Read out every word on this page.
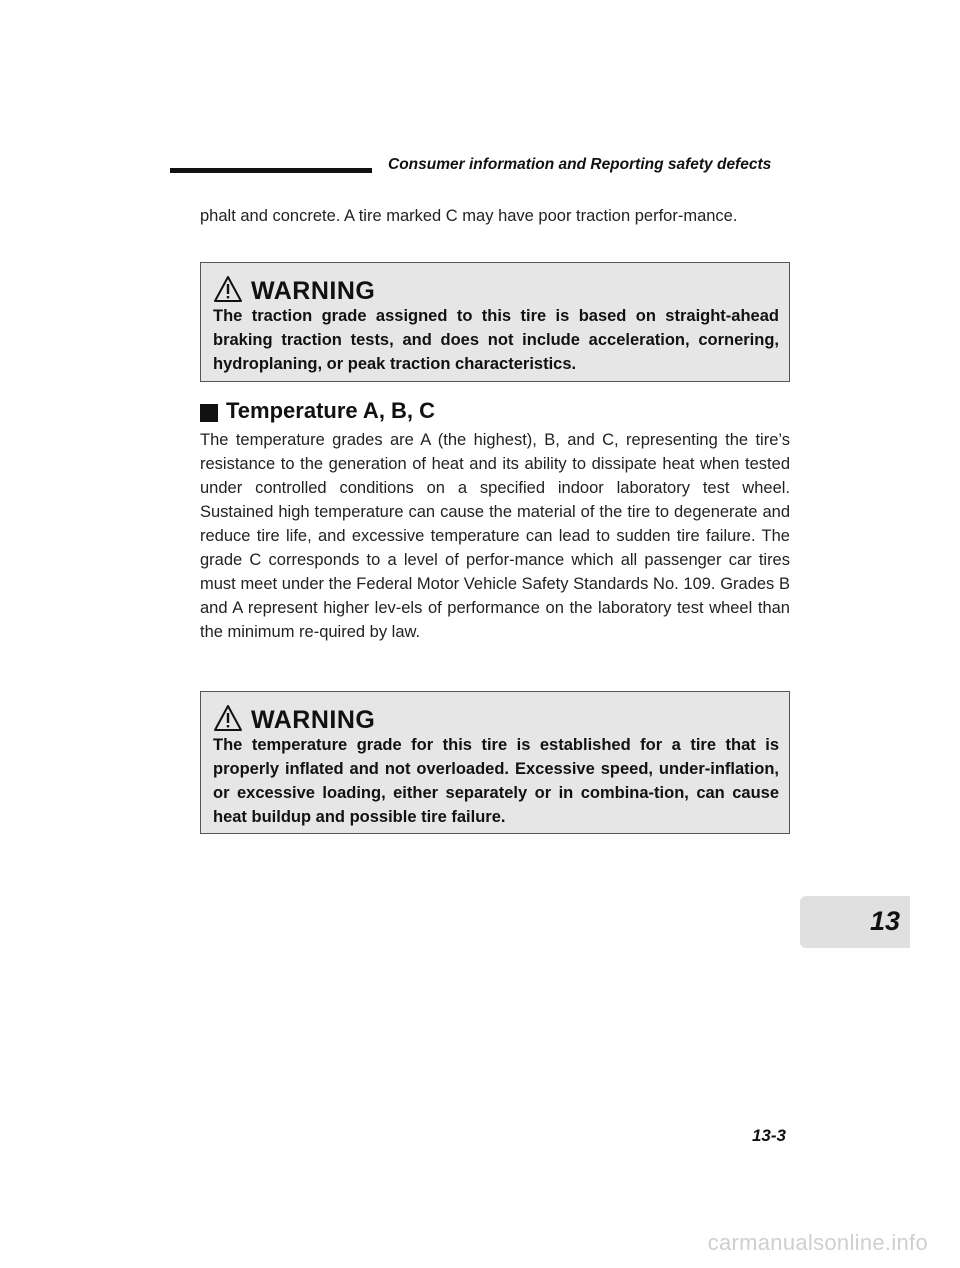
Consumer information and Reporting safety defects
phalt and concrete. A tire marked C may have poor traction perfor-mance.
WARNING
The traction grade assigned to this tire is based on straight-ahead braking traction tests, and does not include acceleration, cornering, hydroplaning, or peak traction characteristics.
Temperature A, B, C
The temperature grades are A (the highest), B, and C, representing the tire’s resistance to the generation of heat and its ability to dissipate heat when tested under controlled conditions on a specified indoor laboratory test wheel. Sustained high temperature can cause the material of the tire to degenerate and reduce tire life, and excessive temperature can lead to sudden tire failure. The grade C corresponds to a level of perfor-mance which all passenger car tires must meet under the Federal Motor Vehicle Safety Standards No. 109. Grades B and A represent higher lev-els of performance on the laboratory test wheel than the minimum re-quired by law.
WARNING
The temperature grade for this tire is established for a tire that is properly inflated and not overloaded. Excessive speed, under-inflation, or excessive loading, either separately or in combina-tion, can cause heat buildup and possible tire failure.
13
13-3
carmanualsonline.info
